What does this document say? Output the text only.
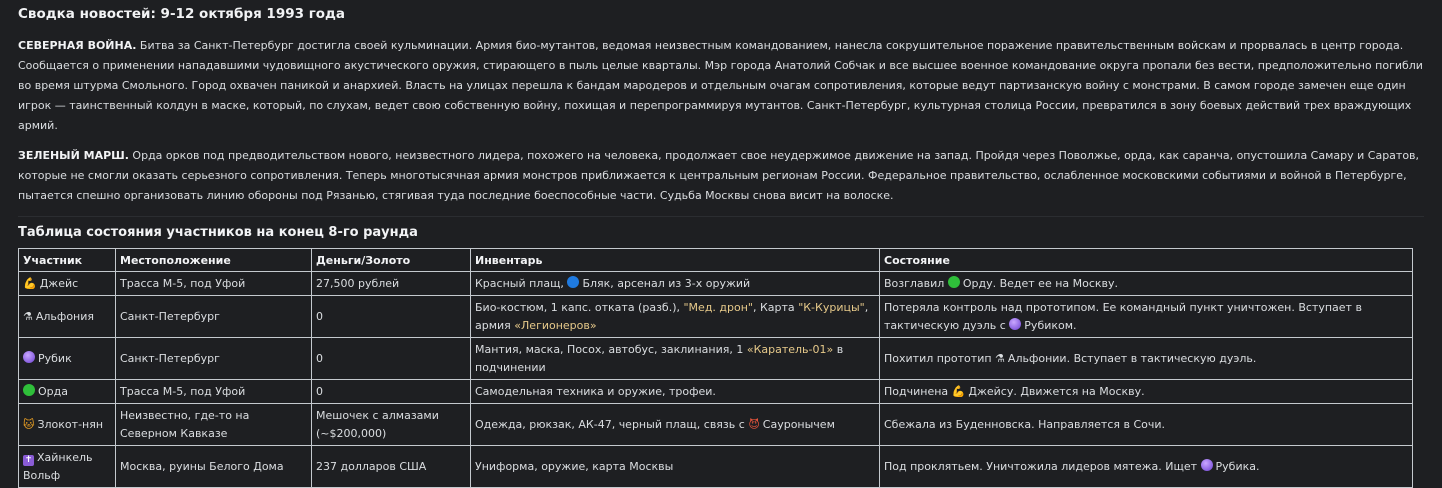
Сводка новостей: 9-12 октября 1993 года

СЕВЕРНАЯ ВОЙНА. Битва за Санкт-Петербург достигла своей кульминации. Армия био-мутантов, ведомая неизвестным командованием, нанесла сокрушительное поражение правительственным войскам и прорвалась в центр города. Сообщается о применении нападавшими чудовищного акустического оружия, стирающего в пыль целые кварталы. Мэр города Анатолий Собчак и все высшее военное командование округа пропали без вести, предположительно погибли во время штурма Смольного. Город охвачен паникой и анархией. Власть на улицах перешла к бандам мародеров и отдельным очагам сопротивления, которые ведут партизанскую войну с монстрами. В самом городе замечен еще один игрок — таинственный колдун в маске, который, по слухам, ведет свою собственную войну, похищая и перепрограммируя мутантов. Санкт-Петербург, культурная столица России, превратился в зону боевых действий трех враждующих армий.

ЗЕЛЕНЫЙ МАРШ. Орда орков под предводительством нового, неизвестного лидера, похожего на человека, продолжает свое неудержимое движение на запад. Пройдя через Поволжье, орда, как саранча, опустошила Самару и Саратов, которые не смогли оказать серьезного сопротивления. Теперь многотысячная армия монстров приближается к центральным регионам России. Федеральное правительство, ослабленное московскими событиями и войной в Петербурге, пытается спешно организовать линию обороны под Рязанью, стягивая туда последние боеспособные части. Судьба Москвы снова висит на волоске.

Таблица состояния участников на конец 8-го раунда
Участник	Местоположение	Деньги/Золото	Инвентарь	Состояние
💪 Джейс	Трасса М-5, под Уфой	27,500 рублей	Красный плащ, Бляк, арсенал из 3-х оружий	Возглавил Орду. Ведет ее на Москву.
⚗ Альфония	Санкт-Петербург	0	Био-костюм, 1 капс. отката (разб.), "Мед. дрон", Карта "К-Курицы", армия «Легионеров»	Потеряла контроль над прототипом. Ее командный пункт уничтожен. Вступает в тактическую дуэль с Рубиком.
Рубик	Санкт-Петербург	0	Мантия, маска, Посох, автобус, заклинания, 1 «Каратель-01» в подчинении	Похитил прототип ⚗ Альфонии. Вступает в тактическую дуэль.
Орда	Трасса М-5, под Уфой	0	Самодельная техника и оружие, трофеи.	Подчинена 💪 Джейсу. Движется на Москву.
🐱 Злокот-нян	Неизвестно, где-то на Северном Кавказе	Мешочек с алмазами (~$200,000)	Одежда, рюкзак, АК-47, черный плащ, связь с 😈 Сауронычем	Сбежала из Буденновска. Направляется в Сочи.
✝ Хайнкель Вольф	Москва, руины Белого Дома	237 долларов США	Униформа, оружие, карта Москвы	Под проклятьем. Уничтожила лидеров мятежа. Ищет Рубика.
